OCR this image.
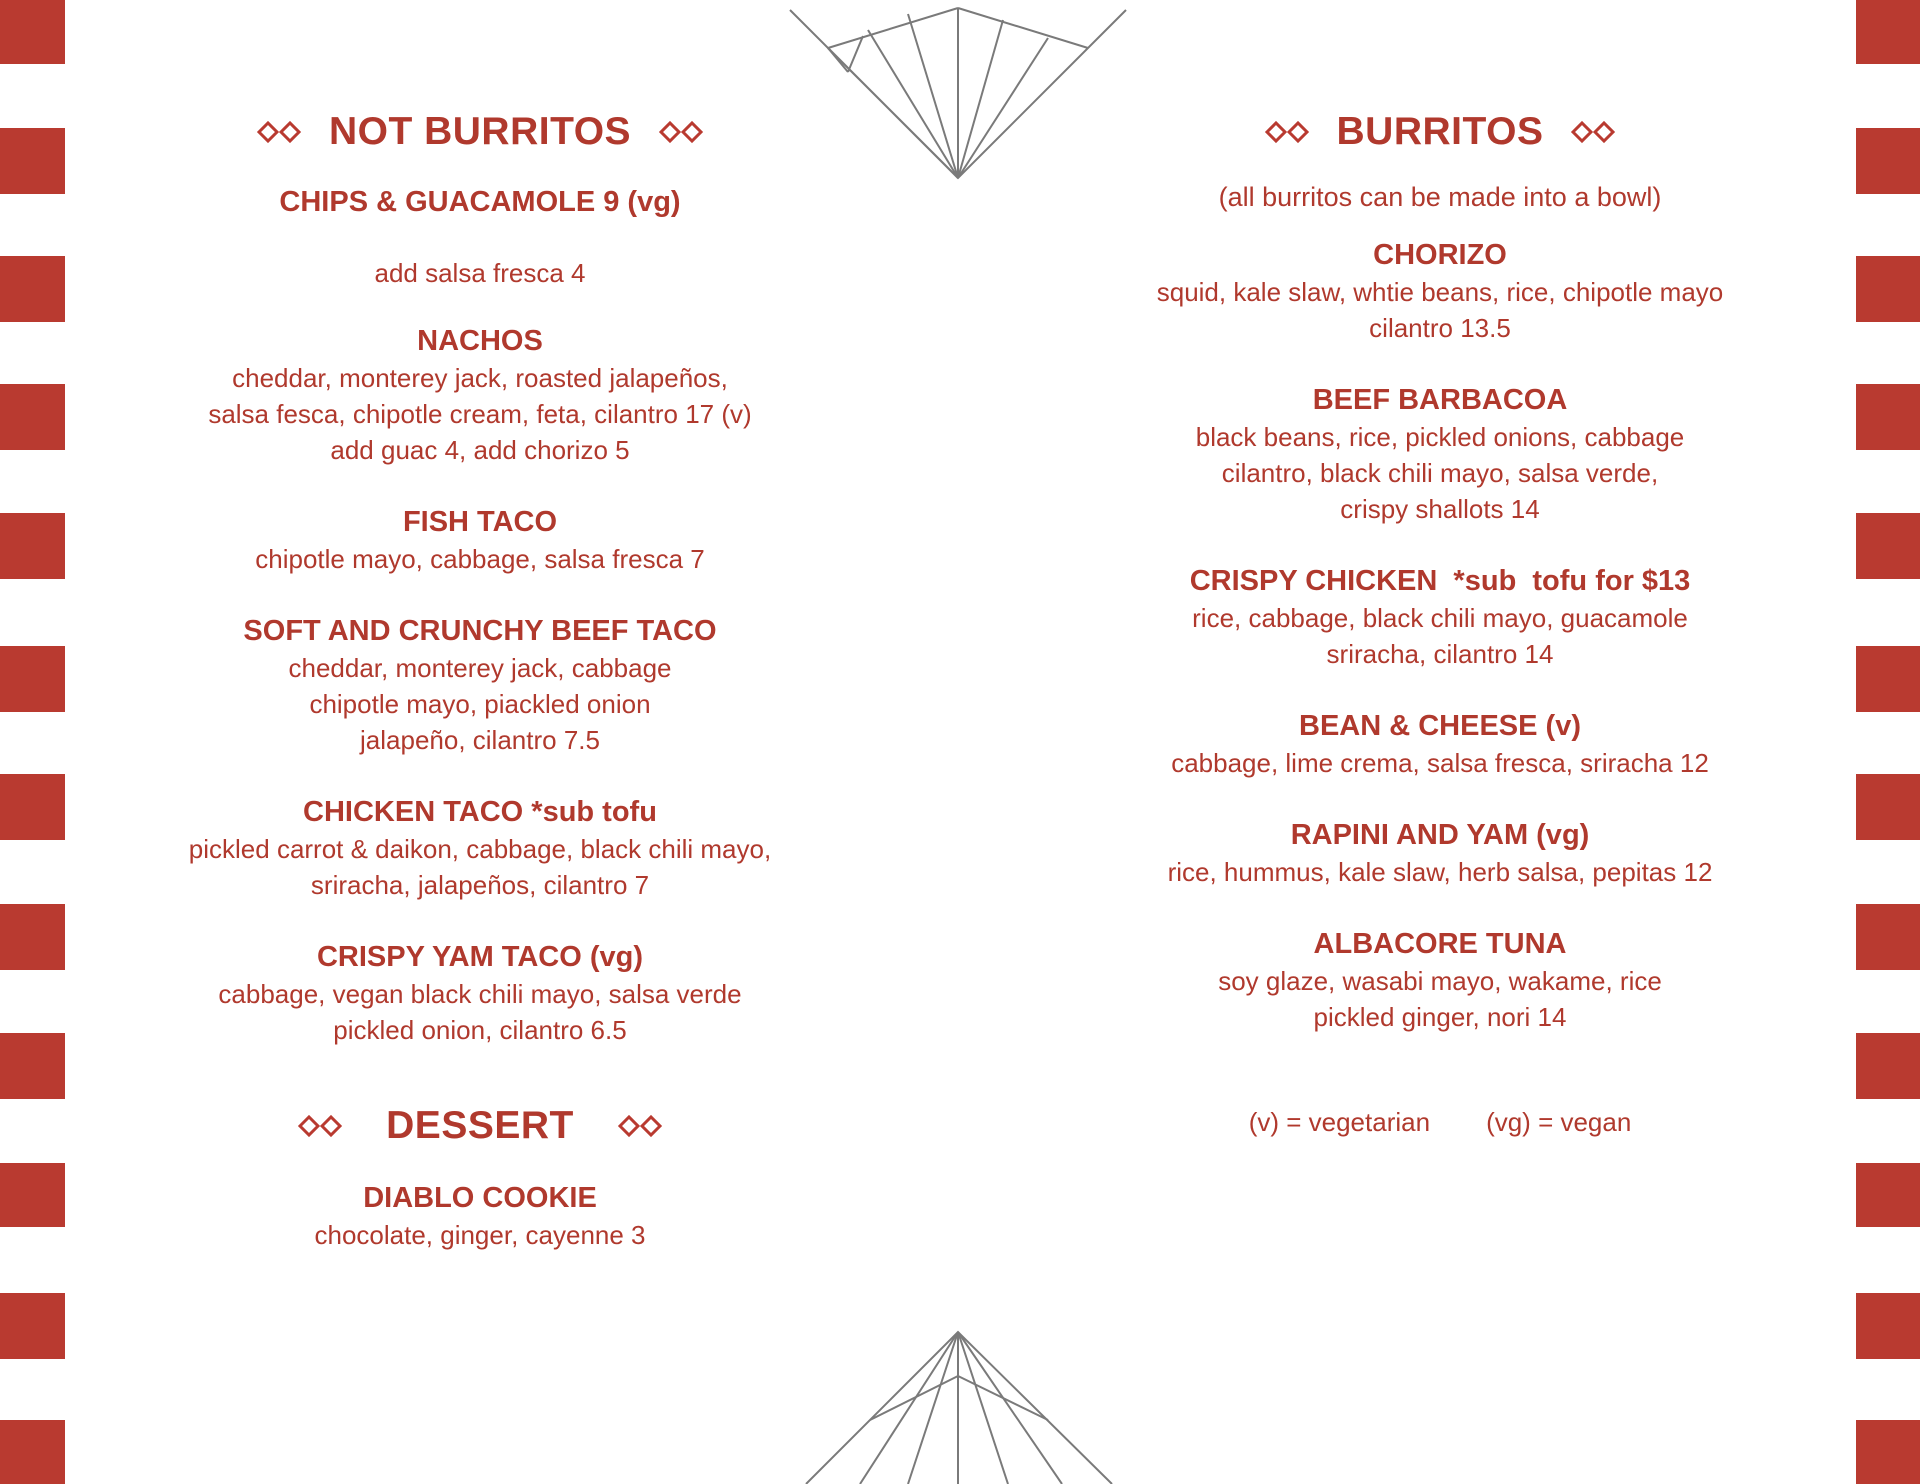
NOT BURRITOS
CHIPS & GUACAMOLE 9 (vg)
add salsa fresca 4
NACHOS
cheddar, monterey jack, roasted jalapeños,
salsa fesca, chipotle cream, feta, cilantro 17 (v)
add guac 4, add chorizo 5
FISH TACO
chipotle mayo, cabbage, salsa fresca 7
SOFT AND CRUNCHY BEEF TACO
cheddar, monterey jack, cabbage
chipotle mayo, piackled onion
jalapeño, cilantro 7.5
CHICKEN TACO *sub tofu
pickled carrot & daikon, cabbage, black chili mayo,
sriracha, jalapeños, cilantro 7
CRISPY YAM TACO (vg)
cabbage, vegan black chili mayo, salsa verde
pickled onion, cilantro 6.5
DESSERT
DIABLO COOKIE
chocolate, ginger, cayenne 3
BURRITOS
(all burritos can be made into a bowl)
CHORIZO
squid, kale slaw, whtie beans, rice, chipotle mayo
cilantro 13.5
BEEF BARBACOA
black beans, rice, pickled onions, cabbage
cilantro, black chili mayo, salsa verde,
crispy shallots 14
CRISPY CHICKEN  *sub  tofu for $13
rice, cabbage, black chili mayo, guacamole
sriracha, cilantro 14
BEAN & CHEESE (v)
cabbage, lime crema, salsa fresca, sriracha 12
RAPINI AND YAM (vg)
rice, hummus, kale slaw, herb salsa, pepitas 12
ALBACORE TUNA
soy glaze, wasabi mayo, wakame, rice
pickled ginger, nori 14
(v) = vegetarian (vg) = vegan
